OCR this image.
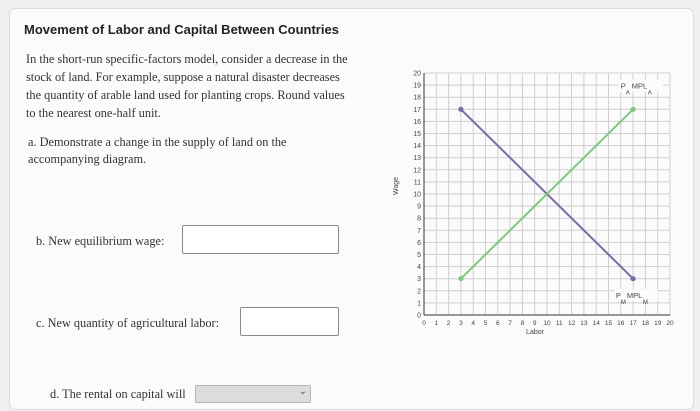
Movement of Labor and Capital Between Countries
In the short-run specific-factors model, consider a decrease in the stock of land. For example, suppose a natural disaster decreases the quantity of arable land used for planting crops. Round values to the nearest one-half unit.
a. Demonstrate a change in the supply of land on the accompanying diagram.
b. New equilibrium wage:
c. New quantity of agricultural labor:
d. The rental on capital will	⌄
0 1 2 3 4 5 6 7 8 9 10 11 12 13 14 15 16 17 18 19 20
0
1
2
3
4
5
6
7
8
9
10
11
12
13
14
15
16
17
18
19
20
Labor
Wage
P
A
MPL
A
P
M
MPL
M
